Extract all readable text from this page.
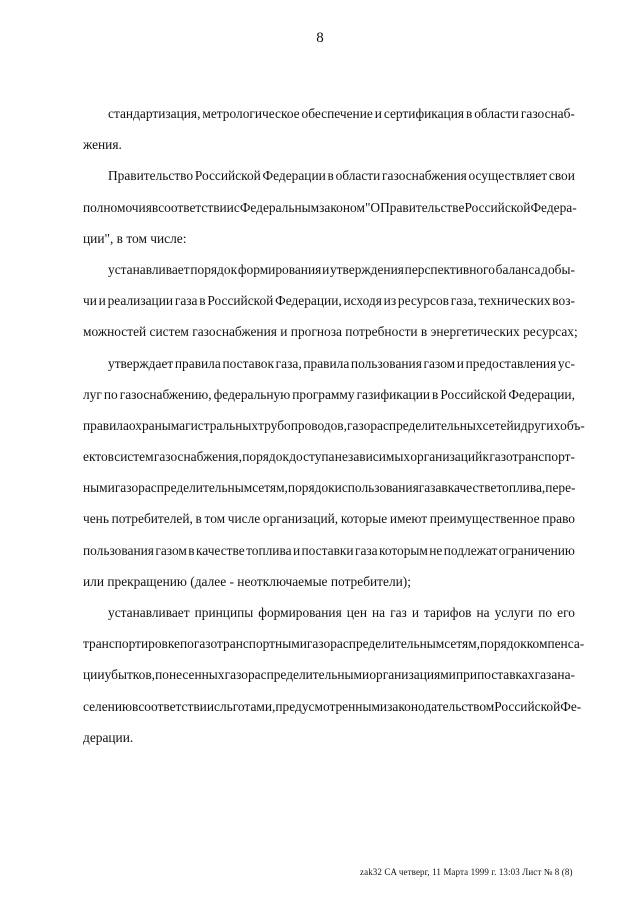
8
стандартизация, метрологическое обеспечение и сертификация в области газоснаб-
жения.
Правительство Российской Федерации в области газоснабжения осуществляет свои
полномочия в соответствии с Федеральным законом "О Правительстве Российской Федера-
ции", в том числе:
устанавливает порядок формирования и утверждения перспективного баланса добы-
чи и реализации газа в Российской Федерации, исходя из ресурсов газа, технических воз-
можностей систем газоснабжения и прогноза потребности в энергетических ресурсах;
утверждает правила поставок газа, правила пользования газом и предоставления ус-
луг по газоснабжению, федеральную программу газификации в Российской Федерации,
правила охраны магистральных трубопроводов, газораспределительных сетей и других объ-
ектов систем газоснабжения, порядок доступа независимых организаций к газотранспорт-
ным и газораспределительным сетям, порядок использования газа в качестве топлива, пере-
чень потребителей, в том числе организаций, которые имеют преимущественное право
пользования газом в качестве топлива и поставки газа которым не подлежат ограничению
или прекращению (далее - неотключаемые потребители);
устанавливает принципы формирования цен на газ и тарифов на услуги по его
транспортировке по газотранспортным и газораспределительным сетям, порядок компенса-
ции убытков, понесенных газораспределительными организациями при поставках газа на-
селению в соответствии с льготами, предусмотренными законодательством Российской Фе-
дерации.
zak32 CA четверг, 11 Марта 1999 г. 13:03 Лист № 8 (8)
